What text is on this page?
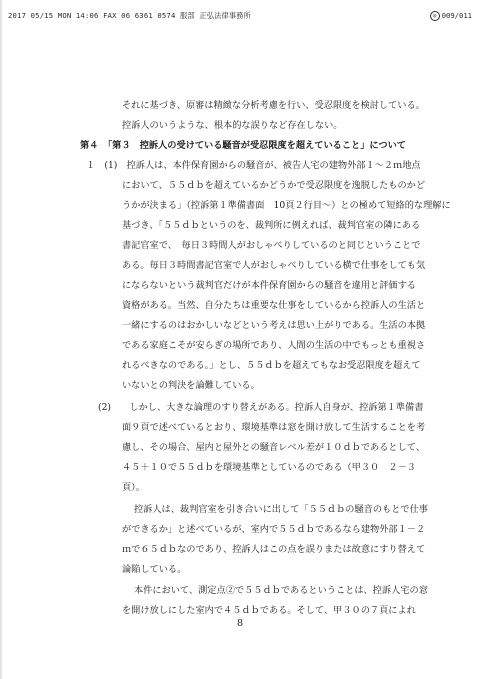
2017 05/15 MON 14:06 FAX 06 6361 0574 服部 正弘法律事務所	◎ 009/011
それに基づき、原審は精緻な分析考慮を行い、受忍限度を検討している。
控訴人のいうような、根本的な誤りなど存在しない。
第４　「第３　控訴人の受けている騒音が受忍限度を超えていること」について
１　(1)　控訴人は、本件保育園からの騒音が、被告人宅の建物外部１～２ｍ地点
において、５５ｄｂを超えているかどうかで受忍限度を逸脱したものかど
うかが決まる」（控訴第１準備書面　10頁２行目～）との極めて短絡的な理解に
基づき、「５５ｄｂというのを、裁判所に例えれば、裁判官室の隣にある
書記官室で、　毎日３時間人がおしゃべりしているのと同じということで
ある。毎日３時間書記官室で人がおしゃべりしている横で仕事をしても気
にならないという裁判官だけが本件保育園からの騒音を違用と評価する
資格がある。当然、自分たちは重要な仕事をしているから控訴人の生活と
一緒にするのはおかしいなどという考えは思い上がりである。生活の本拠
である家庭こそが安らぎの場所であり、人間の生活の中でもっとも重視さ
れるべきなのである。」とし、５５ｄｂを超えてもなお受忍限度を超えて
いないとの判決を論難している。
(2)　　しかし、大きな論理のすり替えがある。控訴人自身が、控訴第１準備書
面９頁で述べているとおり、環境基準は窓を開け放して生活することを考
慮し、その場合、屋内と屋外との騒音レベル差が１０ｄｂであるとして、
４５＋１０で５５ｄｂを環境基準としているのである（甲３０　２－３
頁）。
控訴人は、裁判官室を引き合いに出して「５５ｄｂの騒音のもとで仕事
ができるか」と述べているが、室内で５５ｄｂであるなら建物外部１－２
ｍで６５ｄｂなのであり、控訴人はこの点を誤りまたは故意にすり替えて
論陥している。
本件において、測定点②で５５ｄｂであるということは、控訴人宅の窓
を開け放しにした室内で４５ｄｂである。そして、甲３０の７頁によれ
8
